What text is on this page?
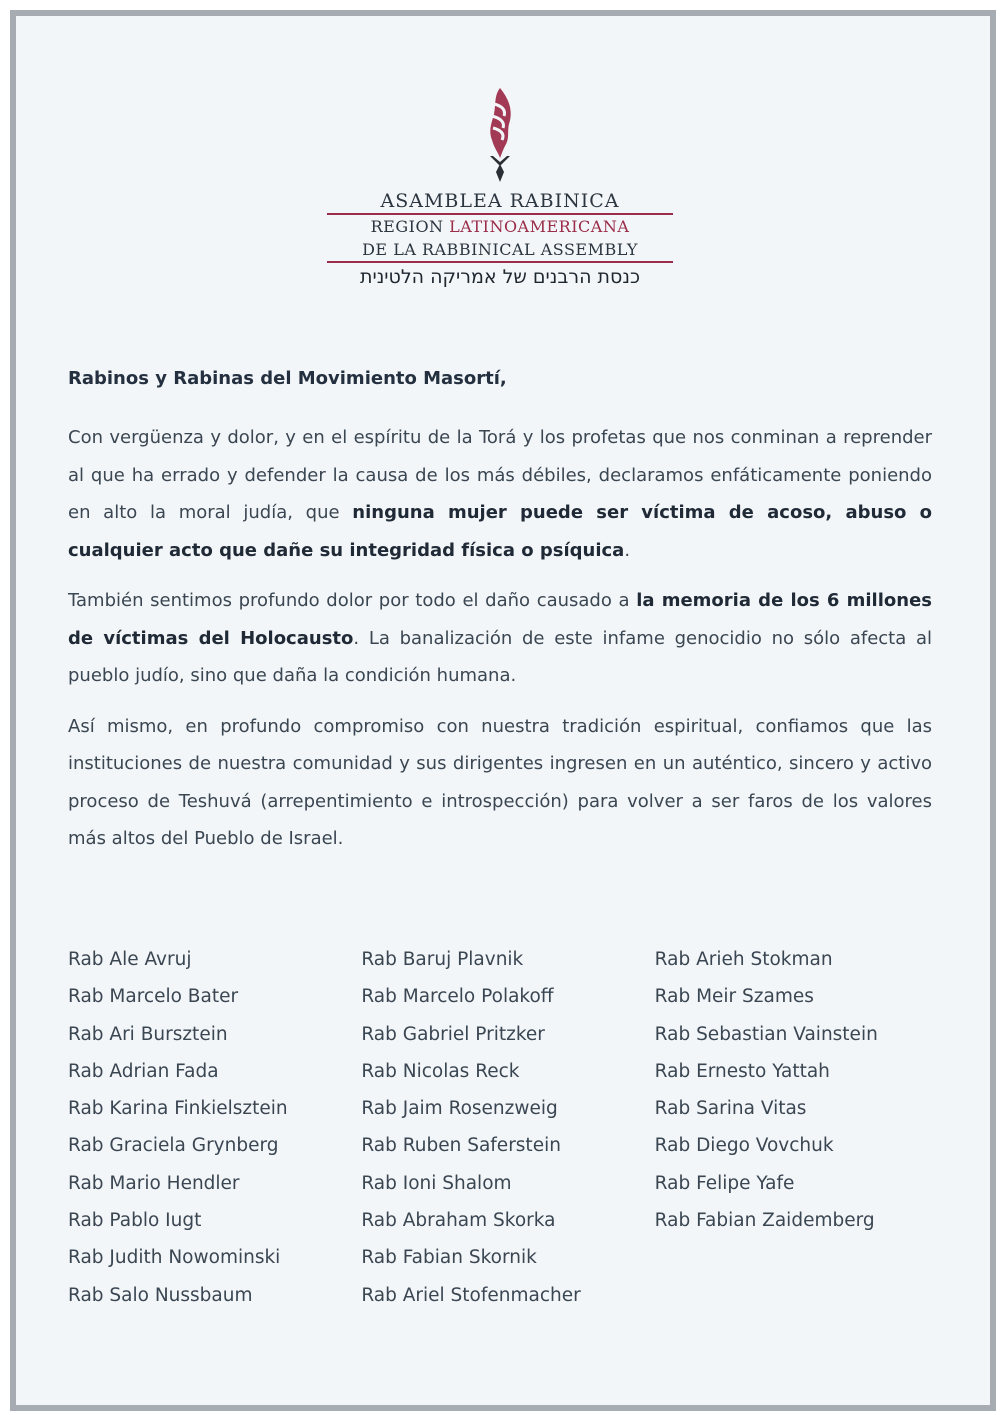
ASAMBLEA RABINICA
REGION LATINOAMERICANA
DE LA RABBINICAL ASSEMBLY
כנסת הרבנים של אמריקה הלטינית

Rabinos y Rabinas del Movimiento Masortí,

Con vergüenza y dolor, y en el espíritu de la Torá y los profetas que nos conminan a reprender al que ha errado y defender la causa de los más débiles, declaramos enfáticamente poniendo en alto la moral judía, que ninguna mujer puede ser víctima de acoso, abuso o cualquier acto que dañe su integridad física o psíquica.

También sentimos profundo dolor por todo el daño causado a la memoria de los 6 millones de víctimas del Holocausto. La banalización de este infame genocidio no sólo afecta al pueblo judío, sino que daña la condición humana.

Así mismo, en profundo compromiso con nuestra tradición espiritual, confiamos que las instituciones de nuestra comunidad y sus dirigentes ingresen en un auténtico, sincero y activo proceso de Teshuvá (arrepentimiento e introspección) para volver a ser faros de los valores más altos del Pueblo de Israel.

Rab Ale Avruj
Rab Marcelo Bater
Rab Ari Bursztein
Rab Adrian Fada
Rab Karina Finkielsztein
Rab Graciela Grynberg
Rab Mario Hendler
Rab Pablo Iugt
Rab Judith Nowominski
Rab Salo Nussbaum
Rab Baruj Plavnik
Rab Marcelo Polakoff
Rab Gabriel Pritzker
Rab Nicolas Reck
Rab Jaim Rosenzweig
Rab Ruben Saferstein
Rab Ioni Shalom
Rab Abraham Skorka
Rab Fabian Skornik
Rab Ariel Stofenmacher
Rab Arieh Stokman
Rab Meir Szames
Rab Sebastian Vainstein
Rab Ernesto Yattah
Rab Sarina Vitas
Rab Diego Vovchuk
Rab Felipe Yafe
Rab Fabian Zaidemberg
